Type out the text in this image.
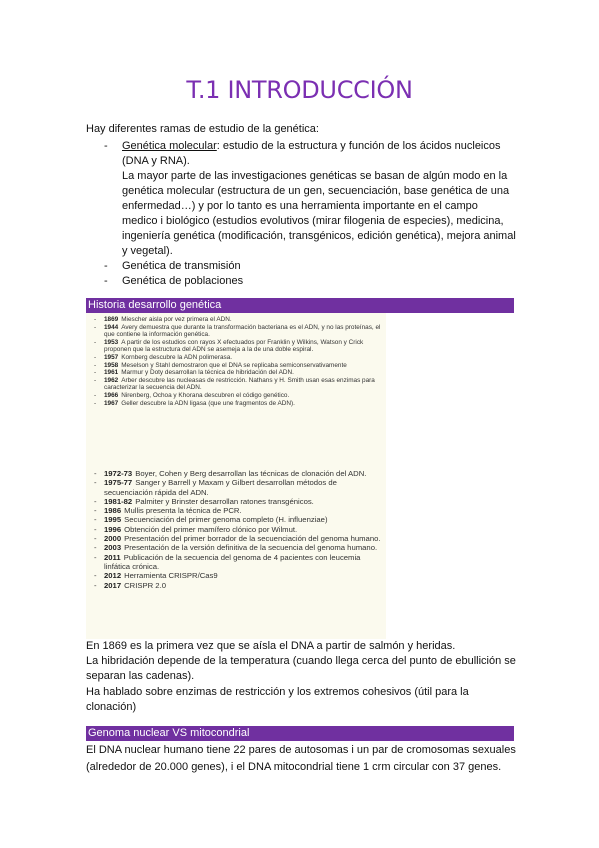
T.1 INTRODUCCIÓN
Hay diferentes ramas de estudio de la genética:
- Genética molecular: estudio de la estructura y función de los ácidos nucleicos (DNA y RNA).
La mayor parte de las investigaciones genéticas se basan de algún modo en la genética molecular (estructura de un gen, secuenciación, base genética de una enfermedad…) y por lo tanto es una herramienta importante en el campo medico i biológico (estudios evolutivos (mirar filogenia de especies), medicina, ingeniería genética (modificación, transgénicos, edición genética), mejora animal y vegetal).
- Genética de transmisión
- Genética de poblaciones
Historia desarrollo genética
- 1869 Miescher aisla por vez primera el ADN.
- 1944 Avery demuestra que durante la transformación bacteriana es el ADN, y no las proteínas, el que contiene la información genética.
- 1953 A partir de los estudios con rayos X efectuados por Franklin y Wilkins, Watson y Crick proponen que la estructura del ADN se asemeja a la de una doble espiral.
- 1957 Kornberg descubre la ADN polimerasa.
- 1958 Meselson y Stahl demostraron que el DNA se replicaba semiconservativamente
- 1961 Marmur y Doty desarrollan la técnica de hibridación del ADN.
- 1962 Arber descubre las nucleasas de restricción. Nathans y H. Smith usan esas enzimas para caracterizar la secuencia del ADN.
- 1966 Nirenberg, Ochoa y Khorana descubren el código genético.
- 1967 Geller descubre la ADN ligasa (que une fragmentos de ADN).
- 1972-73 Boyer, Cohen y Berg desarrollan las técnicas de clonación del ADN.
- 1975-77 Sanger y Barrell y Maxam y Gilbert desarrollan métodos de secuenciación rápida del ADN.
- 1981-82 Palmiter y Brinster desarrollan ratones transgénicos.
- 1986 Mullis presenta la técnica de PCR.
- 1995 Secuenciación del primer genoma completo (H. influenziae)
- 1996 Obtención del primer mamífero clónico por Wilmut.
- 2000 Presentación del primer borrador de la secuenciación del genoma humano.
- 2003 Presentación de la versión definitiva de la secuencia del genoma humano.
- 2011 Publicación de la secuencia del genoma de 4 pacientes con leucemia linfática crónica.
- 2012 Herramienta CRISPR/Cas9
- 2017 CRISPR 2.0

En 1869 es la primera vez que se aísla el DNA a partir de salmón y heridas.

La hibridación depende de la temperatura (cuando llega cerca del punto de ebullición se separan las cadenas).

Ha hablado sobre enzimas de restricción y los extremos cohesivos (útil para la clonación)

Genoma nuclear VS mitocondrial

El DNA nuclear humano tiene 22 pares de autosomas i un par de cromosomas sexuales (alrededor de 20.000 genes), i el DNA mitocondrial tiene 1 crm circular con 37 genes.
